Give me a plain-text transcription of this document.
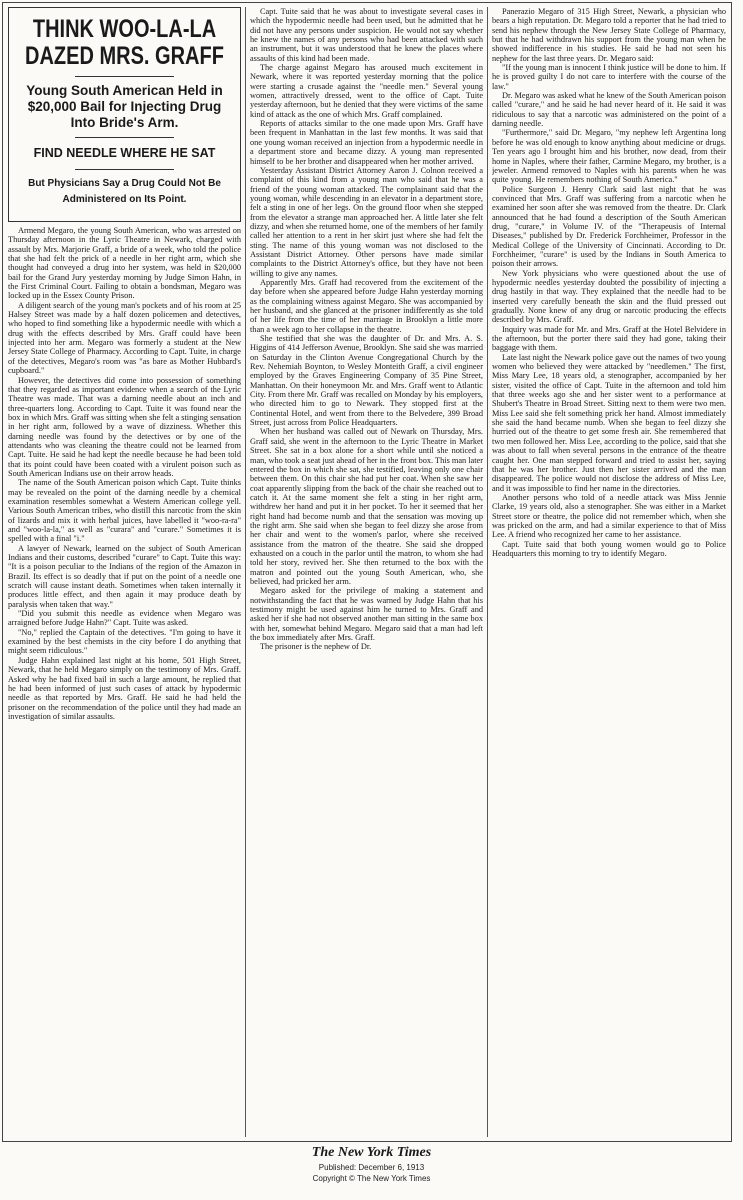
THINK WOO-LA-LA DAZED MRS. GRAFF
Young South American Held in $20,000 Bail for Injecting Drug Into Bride's Arm.
FIND NEEDLE WHERE HE SAT
But Physicians Say a Drug Could Not Be Administered on Its Point.

Armend Megaro, the young South American, who was arrested on Thursday afternoon in the Lyric Theatre in Newark, charged with assault by Mrs. Marjorie Graff, a bride of a week, who told the police that she had felt the prick of a needle in her right arm, which she thought had conveyed a drug into her system, was held in $20,000 bail for the Grand Jury yesterday morning by Judge Simon Hahn, in the First Criminal Court. Failing to obtain a bondsman, Megaro was locked up in the Essex County Prison.

A diligent search of the young man's pockets and of his room at 25 Halsey Street was made by a half dozen policemen and detectives, who hoped to find something like a hypodermic needle with which a drug with the effects described by Mrs. Graff could have been injected into her arm. Megaro was formerly a student at the New Jersey State College of Pharmacy. According to Capt. Tuite, in charge of the detectives, Megaro's room was "as bare as Mother Hubbard's cupboard."

However, the detectives did come into possession of something that they regarded as important evidence when a search of the Lyric Theatre was made. That was a darning needle about an inch and three-quarters long. According to Capt. Tuite it was found near the box in which Mrs. Graff was sitting when she felt a stinging sensation in her right arm, followed by a wave of dizziness. Whether this darning needle was found by the detectives or by one of the attendants who was cleaning the theatre could not be learned from Capt. Tuite. He said he had kept the needle because he had been told that its point could have been coated with a virulent poison such as South American Indians use on their arrow heads.

The name of the South American poison which Capt. Tuite thinks may be revealed on the point of the darning needle by a chemical examination resembles somewhat a Western American college yell. Various South American tribes, who distill this narcotic from the skin of lizards and mix it with herbal juices, have labelled it "woo-ra-ra" and "woo-la-la," as well as "curara" and "curare." Sometimes it is spelled with a final "i."

A lawyer of Newark, learned on the subject of South American Indians and their customs, described "curare" to Capt. Tuite this way: "It is a poison peculiar to the Indians of the region of the Amazon in Brazil. Its effect is so deadly that if put on the point of a needle one scratch will cause instant death. Sometimes when taken internally it produces little effect, and then again it may produce death by paralysis when taken that way."

"Did you submit this needle as evidence when Megaro was arraigned before Judge Hahn?" Capt. Tuite was asked.

"No," replied the Captain of the detectives. "I'm going to have it examined by the best chemists in the city before I do anything that might seem ridiculous."

Judge Hahn explained last night at his home, 501 High Street, Newark, that he held Megaro simply on the testimony of Mrs. Graff. Asked why he had fixed bail in such a large amount, he replied that he had been informed of just such cases of attack by hypodermic needle as that reported by Mrs. Graff. He said he had held the prisoner on the recommendation of the police until they had made an investigation of similar assaults.

Capt. Tuite said that he was about to investigate several cases in which the hypodermic needle had been used, but he admitted that he did not have any persons under suspicion. He would not say whether he knew the names of any persons who had been attacked with such an instrument, but it was understood that he knew the places where assaults of this kind had been made.

The charge against Megaro has aroused much excitement in Newark, where it was reported yesterday morning that the police were starting a crusade against the "needle men." Several young women, attractively dressed, went to the office of Capt. Tuite yesterday afternoon, but he denied that they were victims of the same kind of attack as the one of which Mrs. Graff complained.

Reports of attacks similar to the one made upon Mrs. Graff have been frequent in Manhattan in the last few months. It was said that one young woman received an injection from a hypodermic needle in a department store and became dizzy. A young man represented himself to be her brother and disappeared when her mother arrived.

Yesterday Assistant District Attorney Aaron J. Colnon received a complaint of this kind from a young man who said that he was a friend of the young woman attacked. The complainant said that the young woman, while descending in an elevator in a department store, felt a sting in one of her legs. On the ground floor when she stepped from the elevator a strange man approached her. A little later she felt dizzy, and when she returned home, one of the members of her family called her attention to a rent in her skirt just where she had felt the sting. The name of this young woman was not disclosed to the Assistant District Attorney. Other persons have made similar complaints to the District Attorney's office, but they have not been willing to give any names.

Apparently Mrs. Graff had recovered from the excitement of the day before when she appeared before Judge Hahn yesterday morning as the complaining witness against Megaro. She was accompanied by her husband, and she glanced at the prisoner indifferently as she told of her life from the time of her marriage in Brooklyn a little more than a week ago to her collapse in the theatre.

She testified that she was the daughter of Dr. and Mrs. A. S. Higgins of 414 Jefferson Avenue, Brooklyn. She said she was married on Saturday in the Clinton Avenue Congregational Church by the Rev. Nehemiah Boynton, to Wesley Monteith Graff, a civil engineer employed by the Graves Engineering Company of 35 Pine Street, Manhattan. On their honeymoon Mr. and Mrs. Graff went to Atlantic City. From there Mr. Graff was recalled on Monday by his employers, who directed him to go to Newark. They stopped first at the Continental Hotel, and went from there to the Belvedere, 399 Broad Street, just across from Police Headquarters.

When her husband was called out of Newark on Thursday, Mrs. Graff said, she went in the afternoon to the Lyric Theatre in Market Street. She sat in a box alone for a short while until she noticed a man, who took a seat just ahead of her in the front box. This man later entered the box in which she sat, she testified, leaving only one chair between them. On this chair she had put her coat. When she saw her coat apparently slipping from the back of the chair she reached out to catch it. At the same moment she felt a sting in her right arm, withdrew her hand and put it in her pocket. To her it seemed that her right hand had become numb and that the sensation was moving up the right arm. She said when she began to feel dizzy she arose from her chair and went to the women's parlor, where she received assistance from the matron of the theatre. She said she dropped exhausted on a couch in the parlor until the matron, to whom she had told her story, revived her. She then returned to the box with the matron and pointed out the young South American, who, she believed, had pricked her arm.

Megaro asked for the privilege of making a statement and notwithstanding the fact that he was warned by Judge Hahn that his testimony might be used against him he turned to Mrs. Graff and asked her if she had not observed another man sitting in the same box with her, somewhat behind Megaro. Megaro said that a man had left the box immediately after Mrs. Graff.

The prisoner is the nephew of Dr.

Panerazio Megaro of 315 High Street, Newark, a physician who bears a high reputation. Dr. Megaro told a reporter that he had tried to send his nephew through the New Jersey State College of Pharmacy, but that he had withdrawn his support from the young man when he showed indifference in his studies. He said he had not seen his nephew for the last three years. Dr. Megaro said:

"If the young man is innocent I think justice will be done to him. If he is proved guilty I do not care to interfere with the course of the law."

Dr. Megaro was asked what he knew of the South American poison called "curare," and he said he had never heard of it. He said it was ridiculous to say that a narcotic was administered on the point of a darning needle.

"Furthermore," said Dr. Megaro, "my nephew left Argentina long before he was old enough to know anything about medicine or drugs. Ten years ago I brought him and his brother, now dead, from their home in Naples, where their father, Carmine Megaro, my brother, is a jeweler. Armend removed to Naples with his parents when he was quite young. He remembers nothing of South America."

Police Surgeon J. Henry Clark said last night that he was convinced that Mrs. Graff was suffering from a narcotic when he examined her soon after she was removed from the theatre. Dr. Clark announced that he had found a description of the South American drug, "curare," in Volume IV. of the "Therapeusis of Internal Diseases," published by Dr. Frederick Forchheimer, Professor in the Medical College of the University of Cincinnati. According to Dr. Forchheimer, "curare" is used by the Indians in South America to poison their arrows.

New York physicians who were questioned about the use of hypodermic needles yesterday doubted the possibility of injecting a drug hastily in that way. They explained that the needle had to be inserted very carefully beneath the skin and the fluid pressed out gradually. None knew of any drug or narcotic producing the effects described by Mrs. Graff.

Inquiry was made for Mr. and Mrs. Graff at the Hotel Belvidere in the afternoon, but the porter there said they had gone, taking their baggage with them.

Late last night the Newark police gave out the names of two young women who believed they were attacked by "needlemen." The first, Miss Mary Lee, 18 years old, a stenographer, accompanied by her sister, visited the office of Capt. Tuite in the afternoon and told him that three weeks ago she and her sister went to a performance at Shubert's Theatre in Broad Street. Sitting next to them were two men. Miss Lee said she felt something prick her hand. Almost immediately she said the hand became numb. When she began to feel dizzy she hurried out of the theatre to get some fresh air. She remembered that two men followed her. Miss Lee, according to the police, said that she was about to fall when several persons in the entrance of the theatre caught her. One man stepped forward and tried to assist her, saying that he was her brother. Just then her sister arrived and the man disappeared. The police would not disclose the address of Miss Lee, and it was impossible to find her name in the directories.

Another persons who told of a needle attack was Miss Jennie Clarke, 19 years old, also a stenographer. She was either in a Market Street store or theatre, the police did not remember which, when she was pricked on the arm, and had a similar experience to that of Miss Lee. A friend who recognized her came to her assistance.

Capt. Tuite said that both young women would go to Police Headquarters this morning to try to identify Megaro.

The New York Times
Published: December 6, 1913
Copyright © The New York Times
